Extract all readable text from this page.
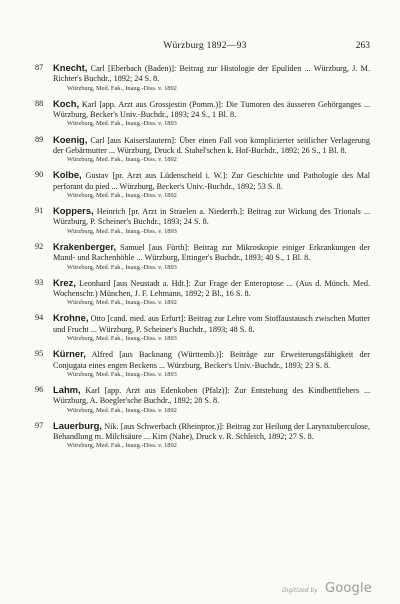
Würzburg 1892—93	263
87 Knecht, Carl [Eberbach (Baden)]: Beitrag zur Histologie der Epuliden ... Würzburg, J. M. Richter's Buchdr., 1892; 24 S. 8.
Würzburg, Med. Fak., Inaug.-Diss. v. 1892
88 Koch, Karl [app. Arzt aus Grossjestin (Pomm.)]: Die Tumoren des äusseren Gehörganges ... Würzburg, Becker's Univ.-Buchdr., 1893; 24 S., 1 Bl. 8.
Würzburg, Med. Fak., Inaug.-Diss. v. 1893
89 Koenig, Carl [aus Kaiserslautern]: Über einen Fall von komplicierter seitlicher Verlagerung der Gebärmutter ... Würzburg, Druck d. Stahel'schen k. Hof-Buchdr., 1892; 26 S., 1 Bl. 8.
Würzburg, Med. Fak., Inaug.-Diss. v. 1892
90 Kolbe, Gustav [pr. Arzt aus Lüdenscheid i. W.]: Zur Geschichte und Pathologie des Mal perforant du pied ... Würzburg, Becker's Univ.-Buchdr., 1892; 53 S. 8.
Würzburg, Med. Fak., Inaug.-Diss. v. 1892
91 Koppers, Heinrich [pr. Arzt in Straelen a. Niederrh.]: Beitrag zur Wirkung des Trionals ... Würzburg, P. Scheiner's Buchdr., 1893; 24 S. 8.
Würzburg, Med. Fak., Inaug.-Diss. v. 1893
92 Krakenberger, Samuel [aus Fürth]: Beitrag zur Mikroskopie einiger Erkrankungen der Mund- und Rachenhöhle ... Würzburg, Ettinger's Buchdr., 1893; 40 S., 1 Bl. 8.
Würzburg, Med. Fak., Inaug.-Diss. v. 1893
93 Krez, Leonhard [aus Neustadt a. Hdt.]: Zur Frage der Enteroptose ... (Aus d. Münch. Med. Wochenschr.) München, J. F. Lehmann, 1892; 2 Bl., 16 S. 8.
Würzburg, Med. Fak., Inaug.-Diss. v. 1892
94 Krohne, Otto [cand. med. aus Erfurt]: Beitrag zur Lehre vom Stoffaustausch zwischen Mutter und Frucht ... Würzburg, P. Scheiner's Buchdr., 1893; 48 S. 8.
Würzburg, Med. Fak., Inaug.-Diss. v. 1893
95 Kürner, Alfred [aus Backnang (Württemb.)]: Beiträge zur Erweiterungsfähigkeit der Conjugata eines engen Beckens ... Würzburg, Becker's Univ.-Buchdr., 1893; 23 S. 8.
Würzburg, Med. Fak., Inaug.-Diss. v. 1893
96 Lahm, Karl [app. Arzt aus Edenkoben (Pfalz)]: Zur Entstehung des Kindbettfiebers ... Würzburg, A. Boegler'sche Buchdr., 1892; 28 S. 8.
Würzburg, Med. Fak., Inaug.-Diss. v. 1892
97 Lauerburg, Nik. [aus Schwerbach (Rheinpror.)]: Beitrag zur Heilung der Larynxtuberculose, Behandlung m. Milchsäure ... Kirn (Nahe), Druck v. R. Schleich, 1892; 27 S. 8.
Würzburg, Med. Fak., Inaug.-Diss. v. 1892
Digitized by Google
